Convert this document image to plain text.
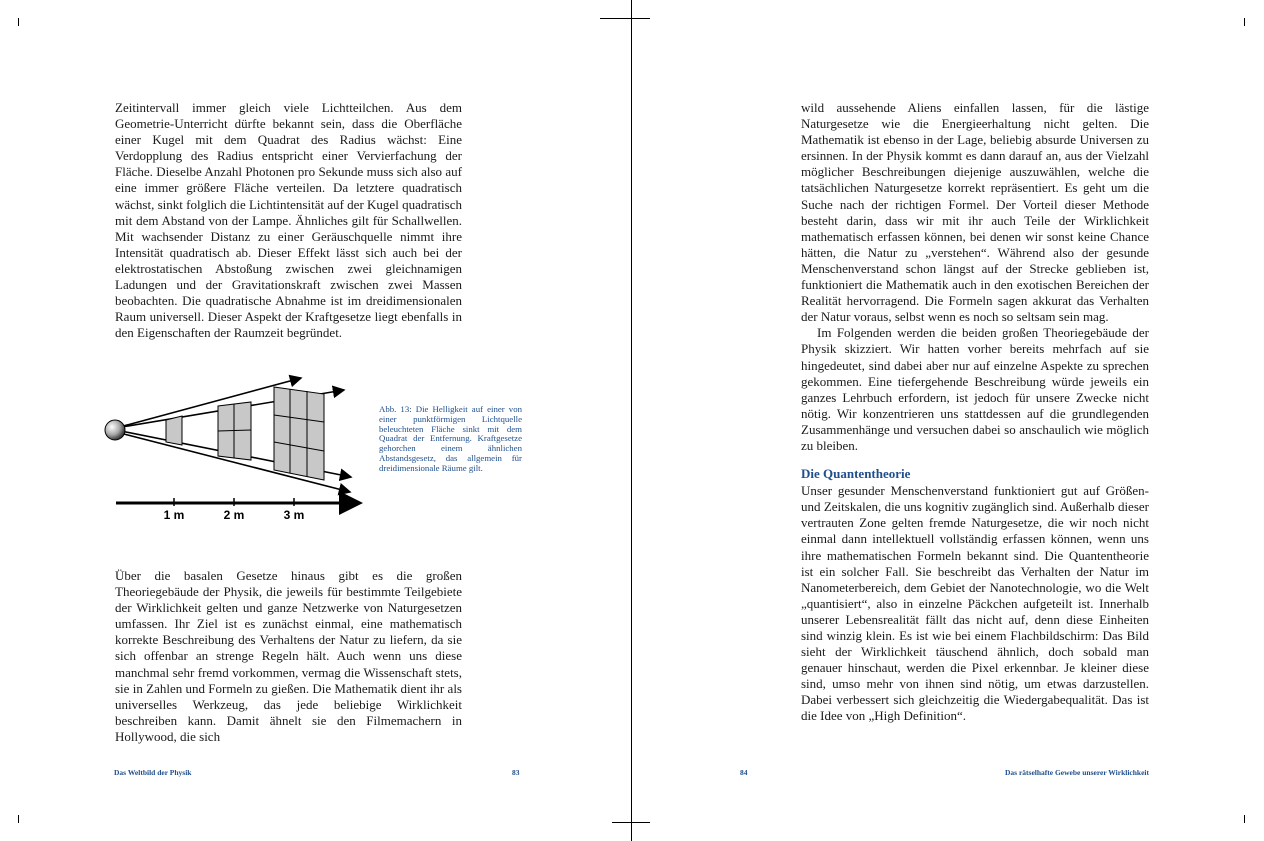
Zeitintervall immer gleich viele Lichtteilchen. Aus dem Geometrie-Unterricht dürfte bekannt sein, dass die Oberfläche einer Kugel mit dem Quadrat des Radius wächst: Eine Verdopplung des Radius entspricht einer Vervierfachung der Fläche. Dieselbe Anzahl Photonen pro Sekunde muss sich also auf eine immer größere Fläche verteilen. Da letztere quadratisch wächst, sinkt folglich die Lichtintensität auf der Kugel quadratisch mit dem Abstand von der Lampe. Ähnliches gilt für Schallwellen. Mit wachsender Distanz zu einer Geräuschquelle nimmt ihre Intensität quadratisch ab. Dieser Effekt lässt sich auch bei der elektrostatischen Abstoßung zwischen zwei gleichnamigen Ladungen und der Gravitationskraft zwischen zwei Massen beobachten. Die quadratische Abnahme ist im dreidimensionalen Raum universell. Dieser Aspekt der Kraftgesetze liegt ebenfalls in den Eigenschaften der Raumzeit begründet.

1 m	2 m	3 m
Abb. 13: Die Helligkeit auf einer von einer punktförmigen Lichtquelle beleuchteten Fläche sinkt mit dem Quadrat der Entfernung. Kraftgesetze gehorchen einem ähnlichen Abstandsgesetz, das allgemein für dreidimensionale Räume gilt.

Über die basalen Gesetze hinaus gibt es die großen Theoriegebäude der Physik, die jeweils für bestimmte Teilgebiete der Wirklichkeit gelten und ganze Netzwerke von Naturgesetzen umfassen. Ihr Ziel ist es zunächst einmal, eine mathematisch korrekte Beschreibung des Verhaltens der Natur zu liefern, da sie sich offenbar an strenge Regeln hält. Auch wenn uns diese manchmal sehr fremd vorkommen, vermag die Wissenschaft stets, sie in Zahlen und Formeln zu gießen. Die Mathematik dient ihr als universelles Werkzeug, das jede beliebige Wirklichkeit beschreiben kann. Damit ähnelt sie den Filmemachern in Hollywood, die sich

Das Weltbild der Physik	83

wild aussehende Aliens einfallen lassen, für die lästige Naturgesetze wie die Energieerhaltung nicht gelten. Die Mathematik ist ebenso in der Lage, beliebig absurde Universen zu ersinnen. In der Physik kommt es dann darauf an, aus der Vielzahl möglicher Beschreibungen diejenige auszuwählen, welche die tatsächlichen Naturgesetze korrekt repräsentiert. Es geht um die Suche nach der richtigen Formel. Der Vorteil dieser Methode besteht darin, dass wir mit ihr auch Teile der Wirklichkeit mathematisch erfassen können, bei denen wir sonst keine Chance hätten, die Natur zu „verstehen“. Während also der gesunde Menschenverstand schon längst auf der Strecke geblieben ist, funktioniert die Mathematik auch in den exotischen Bereichen der Realität hervorragend. Die Formeln sagen akkurat das Verhalten der Natur voraus, selbst wenn es noch so seltsam sein mag.

Im Folgenden werden die beiden großen Theoriegebäude der Physik skizziert. Wir hatten vorher bereits mehrfach auf sie hingedeutet, sind dabei aber nur auf einzelne Aspekte zu sprechen gekommen. Eine tiefergehende Beschreibung würde jeweils ein ganzes Lehrbuch erfordern, ist jedoch für unsere Zwecke nicht nötig. Wir konzentrieren uns stattdessen auf die grundlegenden Zusammenhänge und versuchen dabei so anschaulich wie möglich zu bleiben.

Die Quantentheorie

Unser gesunder Menschenverstand funktioniert gut auf Größen- und Zeitskalen, die uns kognitiv zugänglich sind. Außerhalb dieser vertrauten Zone gelten fremde Naturgesetze, die wir noch nicht einmal dann intellektuell vollständig erfassen können, wenn uns ihre mathematischen Formeln bekannt sind. Die Quantentheorie ist ein solcher Fall. Sie beschreibt das Verhalten der Natur im Nanometerbereich, dem Gebiet der Nanotechnologie, wo die Welt „quantisiert“, also in einzelne Päckchen aufgeteilt ist. Innerhalb unserer Lebensrealität fällt das nicht auf, denn diese Einheiten sind winzig klein. Es ist wie bei einem Flachbildschirm: Das Bild sieht der Wirklichkeit täuschend ähnlich, doch sobald man genauer hinschaut, werden die Pixel erkennbar. Je kleiner diese sind, umso mehr von ihnen sind nötig, um etwas darzustellen. Dabei verbessert sich gleichzeitig die Wiedergabequalität. Das ist die Idee von „High Definition“.

84	Das rätselhafte Gewebe unserer Wirklichkeit
